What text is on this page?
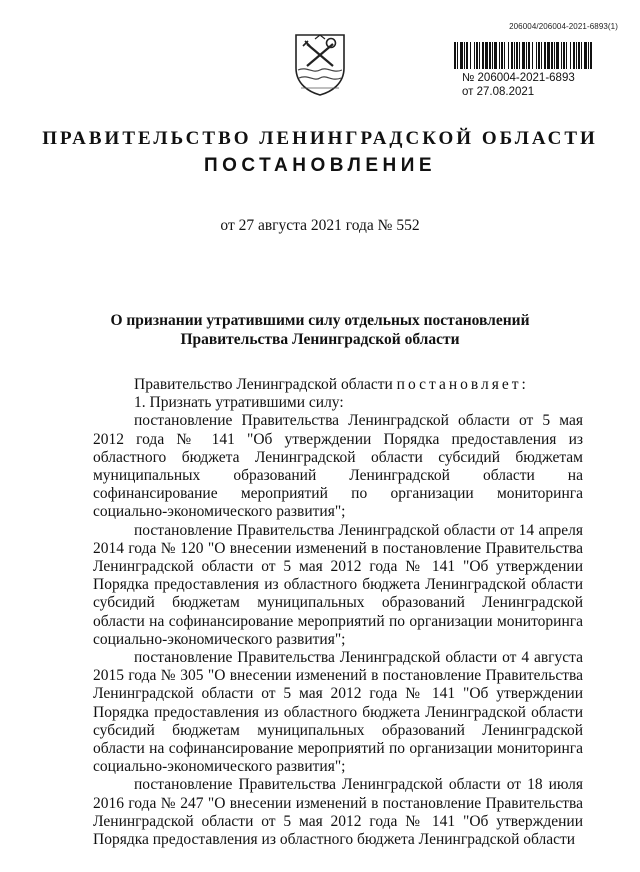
206004/206004-2021-6893(1)
№ 206004-2021-6893
от 27.08.2021
ПРАВИТЕЛЬСТВО ЛЕНИНГРАДСКОЙ ОБЛАСТИ
ПОСТАНОВЛЕНИЕ
от 27 августа 2021 года № 552
О признании утратившими силу отдельных постановлений
Правительства Ленинградской области

Правительство Ленинградской области постановляет:

1. Признать утратившими силу:

постановление Правительства Ленинградской области от 5 мая 2012 года № 141 "Об утверждении Порядка предоставления из областного бюджета Ленинградской области субсидий бюджетам муниципальных образований Ленинградской области на софинансирование мероприятий по организации мониторинга социально-экономического развития";

постановление Правительства Ленинградской области от 14 апреля 2014 года № 120 "О внесении изменений в постановление Правительства Ленинградской области от 5 мая 2012 года № 141 "Об утверждении Порядка предоставления из областного бюджета Ленинградской области субсидий бюджетам муниципальных образований Ленинградской области на софинансирование мероприятий по организации мониторинга социально-экономического развития";

постановление Правительства Ленинградской области от 4 августа 2015 года № 305 "О внесении изменений в постановление Правительства Ленинградской области от 5 мая 2012 года № 141 "Об утверждении Порядка предоставления из областного бюджета Ленинградской области субсидий бюджетам муниципальных образований Ленинградской области на софинансирование мероприятий по организации мониторинга социально-экономического развития";

постановление Правительства Ленинградской области от 18 июля 2016 года № 247 "О внесении изменений в постановление Правительства Ленинградской области от 5 мая 2012 года № 141 "Об утверждении Порядка предоставления из областного бюджета Ленинградской области
